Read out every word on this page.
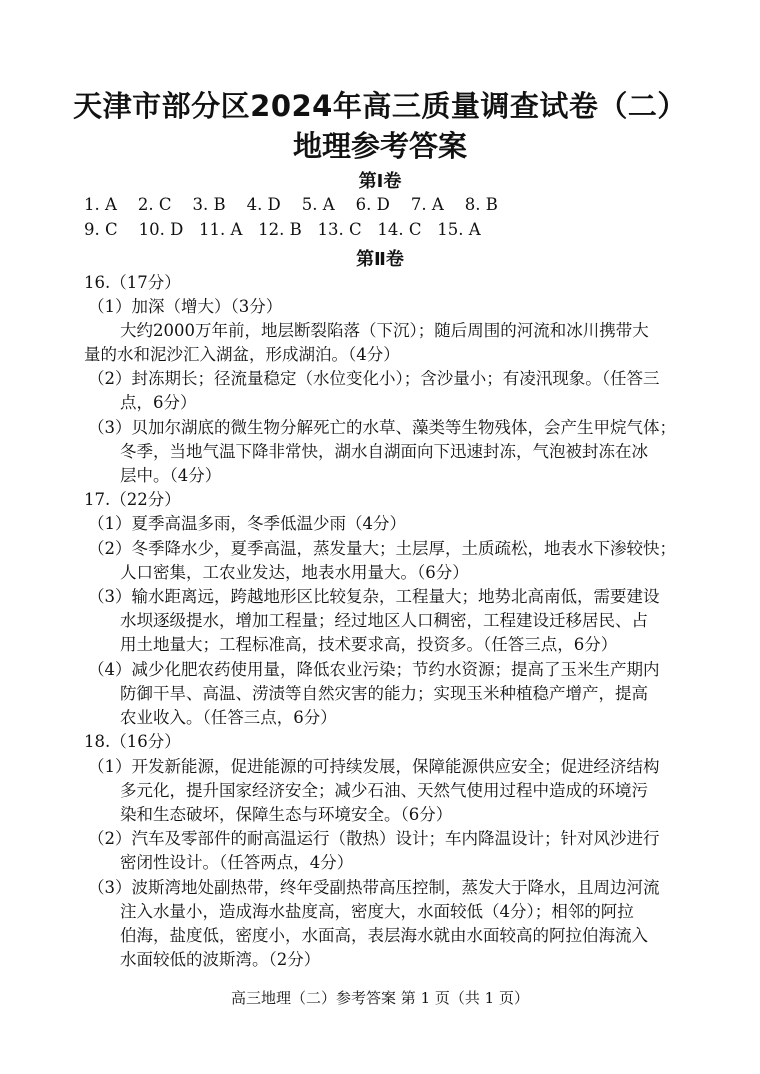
天津市部分区2024年高三质量调查试卷（二）
地理参考答案
第Ⅰ卷
1. A    2. C    3. B    4. D    5. A    6. D    7. A    8. B
9. C    10. D   11. A   12. B   13. C   14. C   15. A
第Ⅱ卷
16.（17分）
（1）加深（增大）（3分）
大约2000万年前，地层断裂陷落（下沉）；随后周围的河流和冰川携带大
量的水和泥沙汇入湖盆，形成湖泊。（4分）
（2）封冻期长；径流量稳定（水位变化小）；含沙量小；有凌汛现象。（任答三
点，6分）
（3）贝加尔湖底的微生物分解死亡的水草、藻类等生物残体，会产生甲烷气体；
冬季，当地气温下降非常快，湖水自湖面向下迅速封冻，气泡被封冻在冰
层中。（4分）
17.（22分）
（1）夏季高温多雨，冬季低温少雨（4分）
（2）冬季降水少，夏季高温，蒸发量大；土层厚，土质疏松，地表水下渗较快；
人口密集，工农业发达，地表水用量大。（6分）
（3）输水距离远，跨越地形区比较复杂，工程量大；地势北高南低，需要建设
水坝逐级提水，增加工程量；经过地区人口稠密，工程建设迁移居民、占
用土地量大；工程标准高，技术要求高，投资多。（任答三点，6分）
（4）减少化肥农药使用量，降低农业污染；节约水资源；提高了玉米生产期内
防御干旱、高温、涝渍等自然灾害的能力；实现玉米种植稳产增产，提高
农业收入。（任答三点，6分）
18.（16分）
（1）开发新能源，促进能源的可持续发展，保障能源供应安全；促进经济结构
多元化，提升国家经济安全；减少石油、天然气使用过程中造成的环境污
染和生态破坏，保障生态与环境安全。（6分）
（2）汽车及零部件的耐高温运行（散热）设计；车内降温设计；针对风沙进行
密闭性设计。（任答两点，4分）
（3）波斯湾地处副热带，终年受副热带高压控制，蒸发大于降水，且周边河流
注入水量小，造成海水盐度高，密度大，水面较低（4分）；相邻的阿拉
伯海，盐度低，密度小，水面高，表层海水就由水面较高的阿拉伯海流入
水面较低的波斯湾。（2分）
高三地理（二）参考答案 第 1 页（共 1 页）
